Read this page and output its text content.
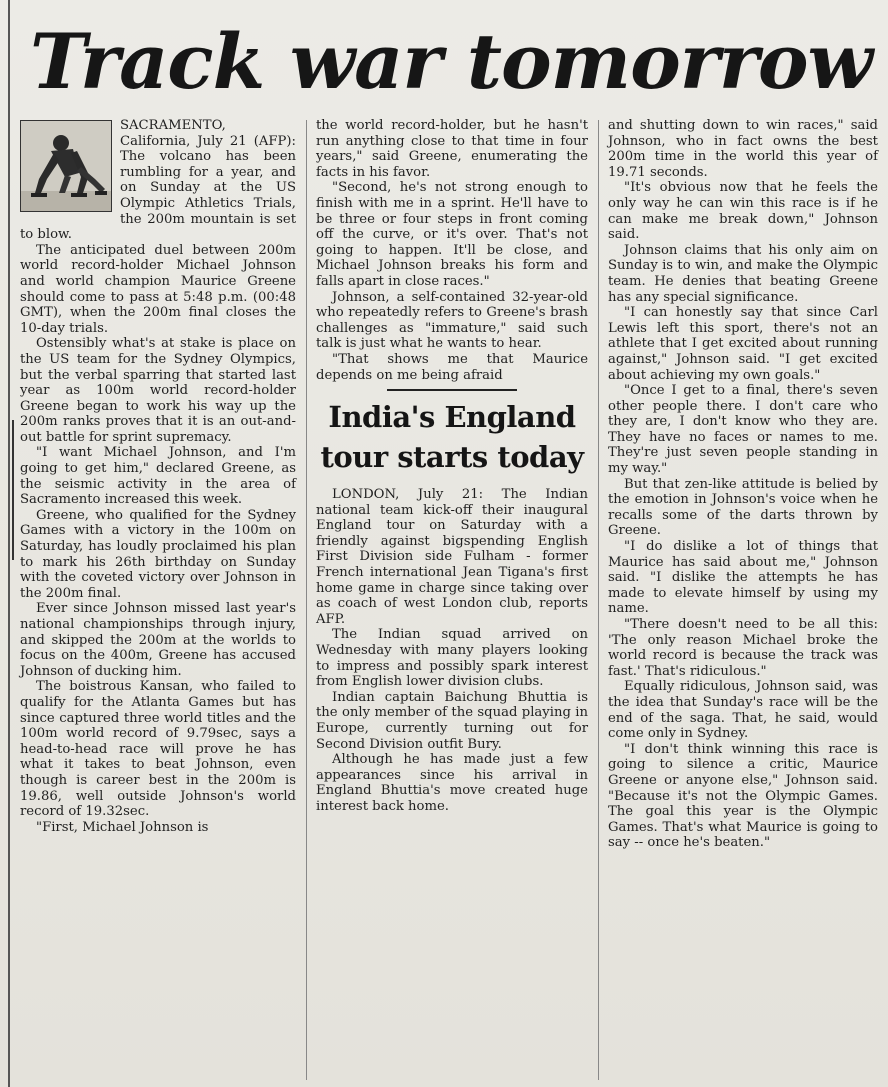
Track war tomorrow

SACRAMENTO, California, July 21 (AFP): The volcano has been rumbling for a year, and on Sunday at the US Olympic Athletics Trials, the 200m mountain is set to blow.

The anticipated duel between 200m world record-holder Michael Johnson and world champion Maurice Greene should come to pass at 5:48 p.m. (00:48 GMT), when the 200m final closes the 10-day trials.

Ostensibly what's at stake is place on the US team for the Sydney Olympics, but the verbal sparring that started last year as 100m world record-holder Greene began to work his way up the 200m ranks proves that it is an out-and-out battle for sprint supremacy.

"I want Michael Johnson, and I'm going to get him," declared Greene, as the seismic activity in the area of Sacramento increased this week.

Greene, who qualified for the Sydney Games with a victory in the 100m on Saturday, has loudly proclaimed his plan to mark his 26th birthday on Sunday with the coveted victory over Johnson in the 200m final.

Ever since Johnson missed last year's national championships through injury, and skipped the 200m at the worlds to focus on the 400m, Greene has accused Johnson of ducking him.

The boistrous Kansan, who failed to qualify for the Atlanta Games but has since captured three world titles and the 100m world record of 9.79sec, says a head-to-head race will prove he has what it takes to beat Johnson, even though is career best in the 200m is 19.86, well outside Johnson's world record of 19.32sec.

"First, Michael Johnson is

the world record-holder, but he hasn't run anything close to that time in four years," said Greene, enumerating the facts in his favor.

"Second, he's not strong enough to finish with me in a sprint. He'll have to be three or four steps in front coming off the curve, or it's over. That's not going to happen. It'll be close, and Michael Johnson breaks his form and falls apart in close races."

Johnson, a self-contained 32-year-old who repeatedly refers to Greene's brash challenges as "immature," said such talk is just what he wants to hear.

"That shows me that Maurice depends on me being afraid

India's England tour starts today

LONDON, July 21: The Indian national team kick-off their inaugural England tour on Saturday with a friendly against bigspending English First Division side Fulham - former French international Jean Tigana's first home game in charge since taking over as coach of west London club, reports AFP.

The Indian squad arrived on Wednesday with many players looking to impress and possibly spark interest from English lower division clubs.

Indian captain Baichung Bhuttia is the only member of the squad playing in Europe, currently turning out for Second Division outfit Bury.

Although he has made just a few appearances since his arrival in England Bhuttia's move created huge interest back home.

and shutting down to win races," said Johnson, who in fact owns the best 200m time in the world this year of 19.71 seconds.

"It's obvious now that he feels the only way he can win this race is if he can make me break down," Johnson said.

Johnson claims that his only aim on Sunday is to win, and make the Olympic team. He denies that beating Greene has any special significance.

"I can honestly say that since Carl Lewis left this sport, there's not an athlete that I get excited about running against," Johnson said. "I get excited about achieving my own goals."

"Once I get to a final, there's seven other people there. I don't care who they are, I don't know who they are. They have no faces or names to me. They're just seven people standing in my way."

But that zen-like attitude is belied by the emotion in Johnson's voice when he recalls some of the darts thrown by Greene.

"I do dislike a lot of things that Maurice has said about me," Johnson said. "I dislike the attempts he has made to elevate himself by using my name.

"There doesn't need to be all this: 'The only reason Michael broke the world record is because the track was fast.' That's ridiculous."

Equally ridiculous, Johnson said, was the idea that Sunday's race will be the end of the saga. That, he said, would come only in Sydney.

"I don't think winning this race is going to silence a critic, Maurice Greene or anyone else," Johnson said. "Because it's not the Olympic Games. The goal this year is the Olympic Games. That's what Maurice is going to say -- once he's beaten."
